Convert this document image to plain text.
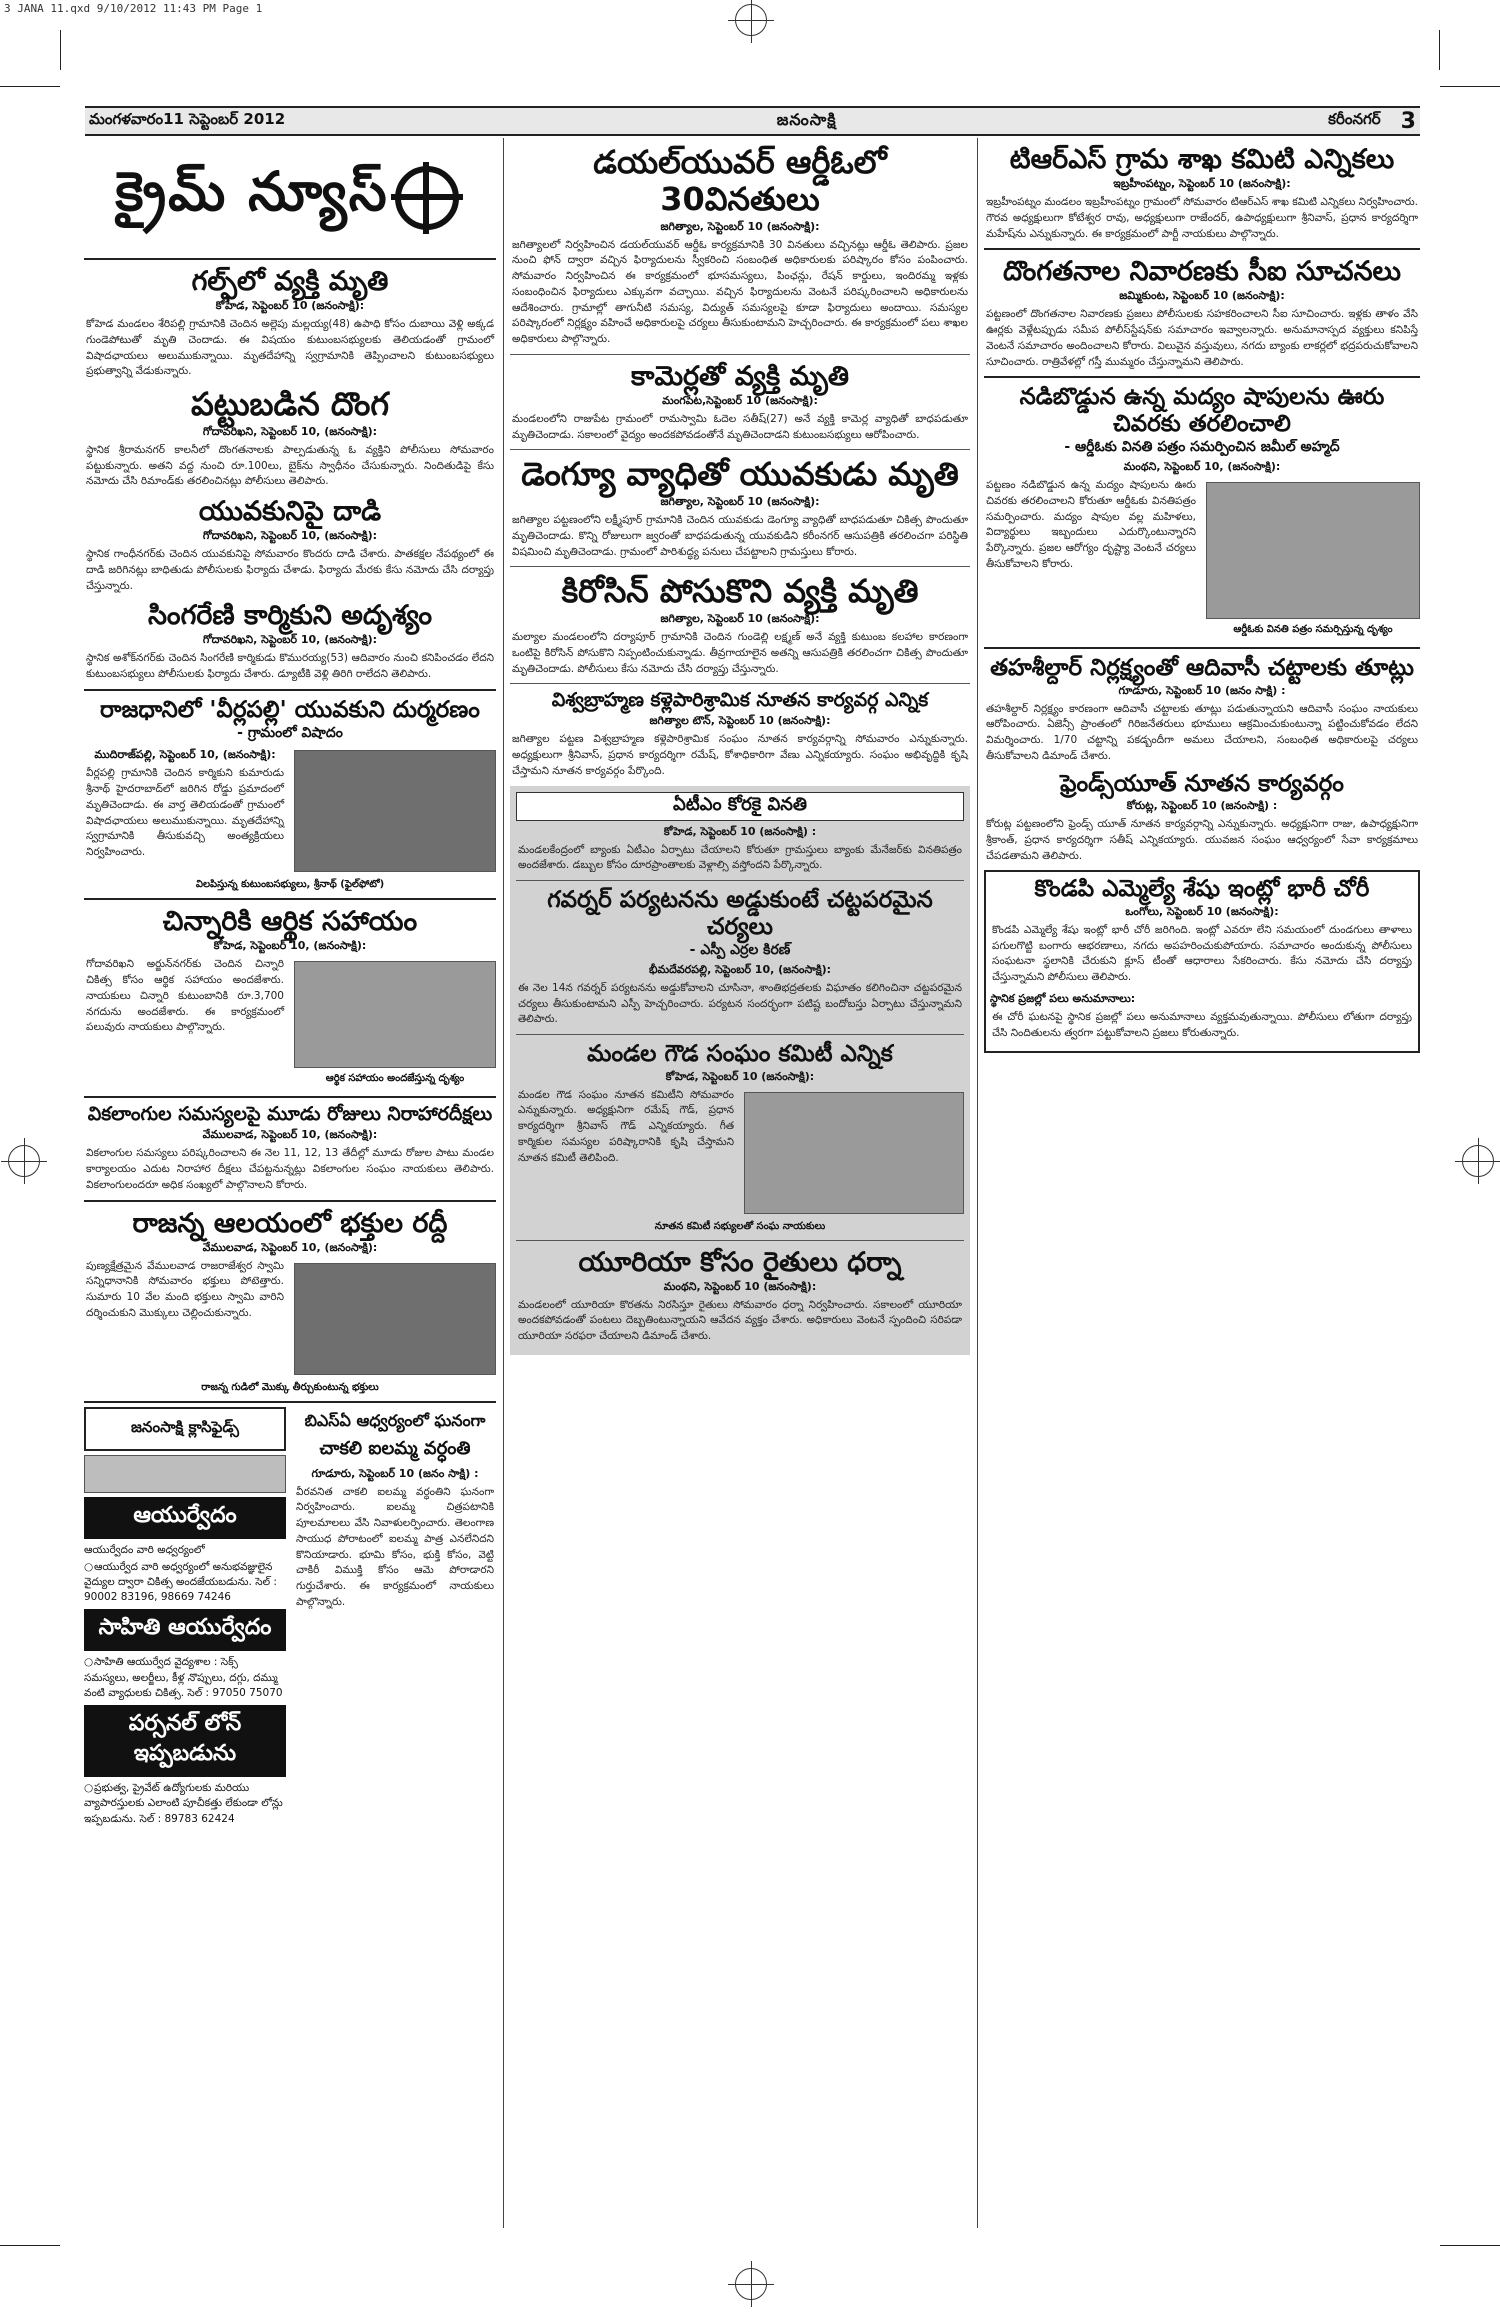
3 JANA 11.qxd 9/10/2012 11:43 PM Page 1
మంగళవారం11 సెప్టెంబర్ 2012	జనంసాక్షి	కరీంనగర్ 3
క్రైమ్ న్యూస్
గల్ఫ్‌లో వ్యక్తి మృతి
కోహెడ, సెప్టెంబర్ 10 (జనంసాక్షి):

కోహెడ మండలం శేరిపల్లి గ్రామానికి చెందిన అల్లెపు మల్లయ్య(48) ఉపాధి కోసం దుబాయి వెళ్లి అక్కడ గుండెపోటుతో మృతి చెందాడు. ఈ విషయం కుటుంబసభ్యులకు తెలియడంతో గ్రామంలో విషాదఛాయలు అలుముకున్నాయి. మృతదేహాన్ని స్వగ్రామానికి తెప్పించాలని కుటుంబసభ్యులు ప్రభుత్వాన్ని వేడుకున్నారు.

పట్టుబడిన దొంగ
గోదావరిఖని, సెప్టెంబర్ 10, (జనంసాక్షి):

స్థానిక శ్రీరామనగర్ కాలనీలో దొంగతనాలకు పాల్పడుతున్న ఓ వ్యక్తిని పోలీసులు సోమవారం పట్టుకున్నారు. అతని వద్ద నుంచి రూ.100లు, బైక్‌ను స్వాధీనం చేసుకున్నారు. నిందితుడిపై కేసు నమోదు చేసి రిమాండ్‌కు తరలించినట్లు పోలీసులు తెలిపారు.

యువకునిపై దాడి
గోదావరిఖని, సెప్టెంబర్ 10, (జనంసాక్షి):

స్థానిక గాంధీనగర్‌కు చెందిన యువకునిపై సోమవారం కొందరు దాడి చేశారు. పాతకక్షల నేపథ్యంలో ఈ దాడి జరిగినట్లు బాధితుడు పోలీసులకు ఫిర్యాదు చేశాడు. ఫిర్యాదు మేరకు కేసు నమోదు చేసి దర్యాప్తు చేస్తున్నారు.

సింగరేణి కార్మికుని అదృశ్యం
గోదావరిఖని, సెప్టెంబర్ 10, (జనంసాక్షి):

స్థానిక అశోక్‌నగర్‌కు చెందిన సింగరేణి కార్మికుడు కొమురయ్య(53) ఆదివారం నుంచి కనిపించడం లేదని కుటుంబసభ్యులు పోలీసులకు ఫిర్యాదు చేశారు. డ్యూటీకి వెళ్లి తిరిగి రాలేదని తెలిపారు.

రాజధానిలో 'వీర్లపల్లి' యువకుని దుర్మరణం
- గ్రామంలో విషాదం
ముదిరాజ్‌పల్లి, సెప్టెంబర్ 10, (జనంసాక్షి):

వీర్లపల్లి గ్రామానికి చెందిన కార్మికుని కుమారుడు శ్రీనాథ్ హైదరాబాద్‌లో జరిగిన రోడ్డు ప్రమాదంలో మృతిచెందాడు. ఈ వార్త తెలియడంతో గ్రామంలో విషాదఛాయలు అలుముకున్నాయి. మృతదేహాన్ని స్వగ్రామానికి తీసుకువచ్చి అంత్యక్రియలు నిర్వహించారు.

విలపిస్తున్న కుటుంబసభ్యులు, శ్రీనాథ్ (ఫైల్‌ఫోటో)
చిన్నారికి ఆర్థిక సహాయం
కోహెడ, సెప్టెంబర్ 10, (జనంసాక్షి):

గోదావరిఖని అర్జున్‌నగర్‌కు చెందిన చిన్నారి చికిత్స కోసం ఆర్థిక సహాయం అందజేశారు. నాయకులు చిన్నారి కుటుంబానికి రూ.3,700 నగదును అందజేశారు. ఈ కార్యక్రమంలో పలువురు నాయకులు పాల్గొన్నారు.

ఆర్థిక సహాయం అందజేస్తున్న దృశ్యం
వికలాంగుల సమస్యలపై మూడు రోజులు నిరాహారదీక్షలు
వేములవాడ, సెప్టెంబర్ 10, (జనంసాక్షి):

వికలాంగుల సమస్యలు పరిష్కరించాలని ఈ నెల 11, 12, 13 తేదీల్లో మూడు రోజుల పాటు మండల కార్యాలయం ఎదుట నిరాహార దీక్షలు చేపట్టనున్నట్లు వికలాంగుల సంఘం నాయకులు తెలిపారు. వికలాంగులందరూ అధిక సంఖ్యలో పాల్గొనాలని కోరారు.

రాజన్న ఆలయంలో భక్తుల రద్దీ
వేములవాడ, సెప్టెంబర్ 10, (జనంసాక్షి):

పుణ్యక్షేత్రమైన వేములవాడ రాజరాజేశ్వర స్వామి సన్నిధానానికి సోమవారం భక్తులు పోటెత్తారు. సుమారు 10 వేల మంది భక్తులు స్వామి వారిని దర్శించుకుని మొక్కులు చెల్లించుకున్నారు.

రాజన్న గుడిలో మొక్కు తీర్చుకుంటున్న భక్తులు
జనంసాక్షి క్లాసిఫైడ్స్
ఆయుర్వేదం
ఆయుర్వేదం వారి అధ్వర్యంలో
○ఆయుర్వేద వారి అధ్వర్యంలో అనుభవజ్ఞులైన వైద్యుల ద్వారా చికిత్స అందజేయబడును. సెల్ : 90002 83196, 98669 74246
సాహితి ఆయుర్వేదం
○సాహితి ఆయుర్వేద వైద్యశాల : సెక్స్ సమస్యలు, అలర్జీలు, కీళ్ల నొప్పులు, దగ్గు, దమ్ము వంటి వ్యాధులకు చికిత్స. సెల్ : 97050 75070
పర్సనల్ లోన్ ఇప్పబడును
○ప్రభుత్వ, ప్రైవేట్ ఉద్యోగులకు మరియు వ్యాపారస్తులకు ఎలాంటి పూచీకత్తు లేకుండా లోన్లు ఇప్పబడును. సెల్ : 89783 62424
బిఎస్‌ఏ ఆధ్వర్యంలో ఘనంగా
చాకలి ఐలమ్మ వర్ధంతి
గూడూరు, సెప్టెంబర్ 10 (జనం సాక్షి) :

వీరవనిత చాకలి ఐలమ్మ వర్ధంతిని ఘనంగా నిర్వహించారు. ఐలమ్మ చిత్రపటానికి పూలమాలలు వేసి నివాళులర్పించారు. తెలంగాణ సాయుధ పోరాటంలో ఐలమ్మ పాత్ర ఎనలేనిదని కొనియాడారు. భూమి కోసం, భుక్తి కోసం, వెట్టి చాకిరీ విముక్తి కోసం ఆమె పోరాడారని గుర్తుచేశారు. ఈ కార్యక్రమంలో నాయకులు పాల్గొన్నారు.

డయల్‌యువర్ ఆర్డీఓలో 30వినతులు
జగిత్యాల, సెప్టెంబర్ 10 (జనంసాక్షి):

జగిత్యాలలో నిర్వహించిన డయల్‌యువర్ ఆర్డీఓ కార్యక్రమానికి 30 వినతులు వచ్చినట్లు ఆర్డీఓ తెలిపారు. ప్రజల నుంచి ఫోన్ ద్వారా వచ్చిన ఫిర్యాదులను స్వీకరించి సంబంధిత అధికారులకు పరిష్కారం కోసం పంపించారు. సోమవారం నిర్వహించిన ఈ కార్యక్రమంలో భూసమస్యలు, పింఛన్లు, రేషన్ కార్డులు, ఇందిరమ్మ ఇళ్లకు సంబంధించిన ఫిర్యాదులు ఎక్కువగా వచ్చాయి. వచ్చిన ఫిర్యాదులను వెంటనే పరిష్కరించాలని అధికారులను ఆదేశించారు. గ్రామాల్లో తాగునీటి సమస్య, విద్యుత్ సమస్యలపై కూడా ఫిర్యాదులు అందాయి. సమస్యల పరిష్కారంలో నిర్లక్ష్యం వహించే అధికారులపై చర్యలు తీసుకుంటామని హెచ్చరించారు. ఈ కార్యక్రమంలో పలు శాఖల అధికారులు పాల్గొన్నారు.

కామెర్లతో వ్యక్తి మృతి
మంగపేట,సెప్టెంబర్ 10 (జనంసాక్షి):

మండలంలోని రాజుపేట గ్రామంలో రామస్వామి ఓదెల సతీష్(27) అనే వ్యక్తి కామెర్ల వ్యాధితో బాధపడుతూ మృతిచెందాడు. సకాలంలో వైద్యం అందకపోవడంతోనే మృతిచెందాడని కుటుంబసభ్యులు ఆరోపించారు.

డెంగ్యూ వ్యాధితో యువకుడు మృతి
జగిత్యాల, సెప్టెంబర్ 10 (జనంసాక్షి):

జగిత్యాల పట్టణంలోని లక్ష్మీపూర్ గ్రామానికి చెందిన యువకుడు డెంగ్యూ వ్యాధితో బాధపడుతూ చికిత్స పొందుతూ మృతిచెందాడు. కొన్ని రోజులుగా జ్వరంతో బాధపడుతున్న యువకుడిని కరీంనగర్ ఆసుపత్రికి తరలించగా పరిస్థితి విషమించి మృతిచెందాడు. గ్రామంలో పారిశుద్ధ్య పనులు చేపట్టాలని గ్రామస్తులు కోరారు.

కిరోసిన్ పోసుకొని వ్యక్తి మృతి
జగిత్యాల, సెప్టెంబర్ 10 (జనంసాక్షి):

మల్యాల మండలంలోని దర్యాపూర్ గ్రామానికి చెందిన గుండెల్లి లక్ష్మణ్ అనే వ్యక్తి కుటుంబ కలహాల కారణంగా ఒంటిపై కిరోసిన్ పోసుకొని నిప్పంటించుకున్నాడు. తీవ్రగాయాలైన అతన్ని ఆసుపత్రికి తరలించగా చికిత్స పొందుతూ మృతిచెందాడు. పోలీసులు కేసు నమోదు చేసి దర్యాప్తు చేస్తున్నారు.

విశ్వబ్రాహ్మణ కళ్లెపారిశ్రామిక నూతన కార్యవర్గ ఎన్నిక
జగిత్యాల టౌన్, సెప్టెంబర్ 10 (జనంసాక్షి):

జగిత్యాల పట్టణ విశ్వబ్రాహ్మణ కళ్లెపారిశ్రామిక సంఘం నూతన కార్యవర్గాన్ని సోమవారం ఎన్నుకున్నారు. అధ్యక్షులుగా శ్రీనివాస్, ప్రధాన కార్యదర్శిగా రమేష్, కోశాధికారిగా వేణు ఎన్నికయ్యారు. సంఘం అభివృద్ధికి కృషి చేస్తామని నూతన కార్యవర్గం పేర్కొంది.

ఏటీఎం కోరకై వినతి
కోహెడ, సెప్టెంబర్ 10 (జనంసాక్షి) :

మండలకేంద్రంలో బ్యాంకు ఏటీఎం ఏర్పాటు చేయాలని కోరుతూ గ్రామస్తులు బ్యాంకు మేనేజర్‌కు వినతిపత్రం అందజేశారు. డబ్బుల కోసం దూరప్రాంతాలకు వెళ్లాల్సి వస్తోందని పేర్కొన్నారు.

గవర్నర్ పర్యటనను అడ్డుకుంటే చట్టపరమైన చర్యలు
- ఎస్పీ ఎర్రల కిరణ్
భీమదేవరపల్లి, సెప్టెంబర్ 10, (జనంసాక్షి):

ఈ నెల 14న గవర్నర్ పర్యటనను అడ్డుకోవాలని చూసినా, శాంతిభద్రతలకు విఘాతం కలిగించినా చట్టపరమైన చర్యలు తీసుకుంటామని ఎస్పీ హెచ్చరించారు. పర్యటన సందర్భంగా పటిష్ట బందోబస్తు ఏర్పాటు చేస్తున్నామని తెలిపారు.

మండల గౌడ సంఘం కమిటీ ఎన్నిక
కోహెడ, సెప్టెంబర్ 10 (జనంసాక్షి):

మండల గౌడ సంఘం నూతన కమిటీని సోమవారం ఎన్నుకున్నారు. అధ్యక్షునిగా రమేష్ గౌడ్, ప్రధాన కార్యదర్శిగా శ్రీనివాస్ గౌడ్ ఎన్నికయ్యారు. గీత కార్మికుల సమస్యల పరిష్కారానికి కృషి చేస్తామని నూతన కమిటీ తెలిపింది.

నూతన కమిటీ సభ్యులతో సంఘ నాయకులు
యూరియా కోసం రైతులు ధర్నా
మంథని, సెప్టెంబర్ 10 (జనంసాక్షి):

మండలంలో యూరియా కొరతను నిరసిస్తూ రైతులు సోమవారం ధర్నా నిర్వహించారు. సకాలంలో యూరియా అందకపోవడంతో పంటలు దెబ్బతింటున్నాయని ఆవేదన వ్యక్తం చేశారు. అధికారులు వెంటనే స్పందించి సరిపడా యూరియా సరఫరా చేయాలని డిమాండ్ చేశారు.

టిఆర్ఎస్ గ్రామ శాఖ కమిటి ఎన్నికలు
ఇబ్రహీంపట్నం, సెప్టెంబర్ 10 (జనంసాక్షి):

ఇబ్రహీంపట్నం మండలం ఇబ్రహీంపట్నం గ్రామంలో సోమవారం టిఆర్ఎస్ శాఖ కమిటి ఎన్నికలు నిర్వహించారు. గౌరవ అధ్యక్షులుగా కోటేశ్వర రావు, అధ్యక్షులుగా రాజేందర్, ఉపాధ్యక్షులుగా శ్రీనివాస్, ప్రధాన కార్యదర్శిగా మహేష్‌ను ఎన్నుకున్నారు. ఈ కార్యక్రమంలో పార్టీ నాయకులు పాల్గొన్నారు.

దొంగతనాల నివారణకు సీఐ సూచనలు
జమ్మికుంట, సెప్టెంబర్ 10 (జనంసాక్షి):

పట్టణంలో దొంగతనాల నివారణకు ప్రజలు పోలీసులకు సహకరించాలని సీఐ సూచించారు. ఇళ్లకు తాళం వేసి ఊర్లకు వెళ్లేటప్పుడు సమీప పోలీస్‌స్టేషన్‌కు సమాచారం ఇవ్వాలన్నారు. అనుమానాస్పద వ్యక్తులు కనిపిస్తే వెంటనే సమాచారం అందించాలని కోరారు. విలువైన వస్తువులు, నగదు బ్యాంకు లాకర్లలో భద్రపరుచుకోవాలని సూచించారు. రాత్రివేళల్లో గస్తీ ముమ్మరం చేస్తున్నామని తెలిపారు.

నడిబొడ్డున ఉన్న మద్యం షాపులను ఊరు చివరకు తరలించాలి
- ఆర్డీఓకు వినతి పత్రం సమర్పించిన జమీల్ అహ్మద్
మంథని, సెప్టెంబర్ 10, (జనంసాక్షి):

పట్టణం నడిబొడ్డున ఉన్న మద్యం షాపులను ఊరు చివరకు తరలించాలని కోరుతూ ఆర్డీఓకు వినతిపత్రం సమర్పించారు. మద్యం షాపుల వల్ల మహిళలు, విద్యార్థులు ఇబ్బందులు ఎదుర్కొంటున్నారని పేర్కొన్నారు. ప్రజల ఆరోగ్యం దృష్ట్యా వెంటనే చర్యలు తీసుకోవాలని కోరారు.

ఆర్డీఓకు వినతి పత్రం సమర్పిస్తున్న దృశ్యం
తహశీల్దార్ నిర్లక్ష్యంతో ఆదివాసీ చట్టాలకు తూట్లు
గూడూరు, సెప్టెంబర్ 10 (జనం సాక్షి) :

తహశీల్దార్ నిర్లక్ష్యం కారణంగా ఆదివాసీ చట్టాలకు తూట్లు పడుతున్నాయని ఆదివాసీ సంఘం నాయకులు ఆరోపించారు. ఏజెన్సీ ప్రాంతంలో గిరిజనేతరులు భూములు ఆక్రమించుకుంటున్నా పట్టించుకోవడం లేదని విమర్శించారు. 1/70 చట్టాన్ని పకడ్బందీగా అమలు చేయాలని, సంబంధిత అధికారులపై చర్యలు తీసుకోవాలని డిమాండ్ చేశారు.

ఫ్రెండ్స్‌యూత్ నూతన కార్యవర్గం
కోరుట్ల, సెప్టెంబర్ 10 (జనంసాక్షి) :

కోరుట్ల పట్టణంలోని ఫ్రెండ్స్ యూత్ నూతన కార్యవర్గాన్ని ఎన్నుకున్నారు. అధ్యక్షునిగా రాజు, ఉపాధ్యక్షునిగా శ్రీకాంత్, ప్రధాన కార్యదర్శిగా సతీష్ ఎన్నికయ్యారు. యువజన సంఘం ఆధ్వర్యంలో సేవా కార్యక్రమాలు చేపడతామని తెలిపారు.

కొండపి ఎమ్మెల్యే శేషు ఇంట్లో భారీ చోరీ
ఒంగోలు, సెప్టెంబర్ 10 (జనంసాక్షి):

కొండపి ఎమ్మెల్యే శేషు ఇంట్లో భారీ చోరీ జరిగింది. ఇంట్లో ఎవరూ లేని సమయంలో దుండగులు తాళాలు పగులగొట్టి బంగారు ఆభరణాలు, నగదు అపహరించుకుపోయారు. సమాచారం అందుకున్న పోలీసులు సంఘటనా స్థలానికి చేరుకుని క్లూస్ టీంతో ఆధారాలు సేకరించారు. కేసు నమోదు చేసి దర్యాప్తు చేస్తున్నామని పోలీసులు తెలిపారు.

స్థానిక ప్రజల్లో పలు అనుమానాలు:

ఈ చోరీ ఘటనపై స్థానిక ప్రజల్లో పలు అనుమానాలు వ్యక్తమవుతున్నాయి. పోలీసులు లోతుగా దర్యాప్తు చేసి నిందితులను త్వరగా పట్టుకోవాలని ప్రజలు కోరుతున్నారు.
